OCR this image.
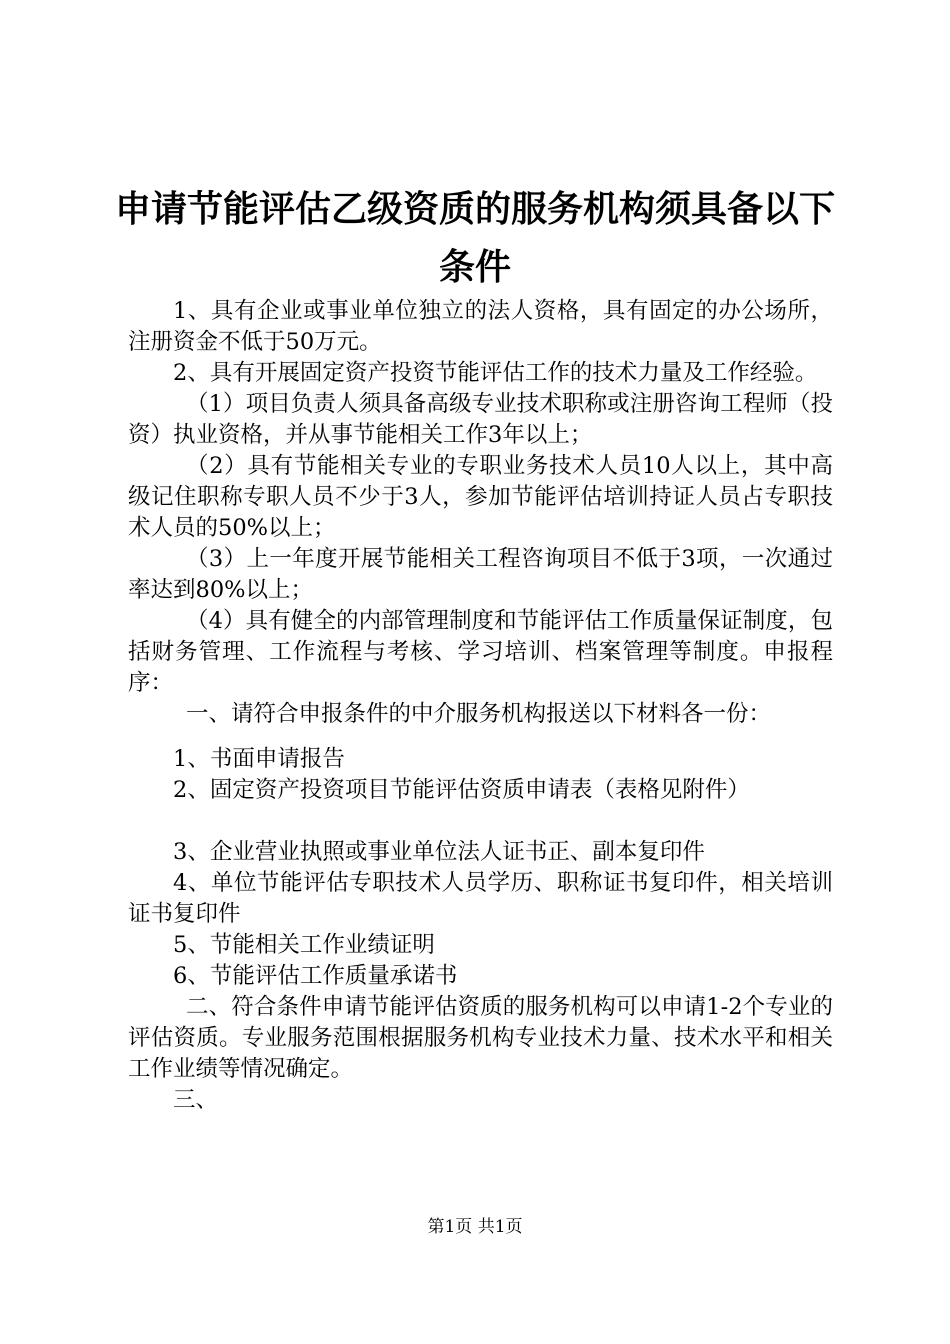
申请节能评估乙级资质的服务机构须具备以下
条件

1、具有企业或事业单位独立的法人资格，具有固定的办公场所，注册资金不低于50万元。

2、具有开展固定资产投资节能评估工作的技术力量及工作经验。

（1）项目负责人须具备高级专业技术职称或注册咨询工程师（投资）执业资格，并从事节能相关工作3年以上；

（2）具有节能相关专业的专职业务技术人员10人以上，其中高级记住职称专职人员不少于3人，参加节能评估培训持证人员占专职技术人员的50%以上；

（3）上一年度开展节能相关工程咨询项目不低于3项，一次通过率达到80%以上；

（4）具有健全的内部管理制度和节能评估工作质量保证制度，包括财务管理、工作流程与考核、学习培训、档案管理等制度。申报程序：

一、请符合申报条件的中介服务机构报送以下材料各一份：

1、书面申请报告

2、固定资产投资项目节能评估资质申请表（表格见附件）

3、企业营业执照或事业单位法人证书正、副本复印件

4、单位节能评估专职技术人员学历、职称证书复印件，相关培训证书复印件

5、节能相关工作业绩证明

6、节能评估工作质量承诺书

二、符合条件申请节能评估资质的服务机构可以申请1-2个专业的评估资质。专业服务范围根据服务机构专业技术力量、技术水平和相关工作业绩等情况确定。

三、

第1页 共1页
